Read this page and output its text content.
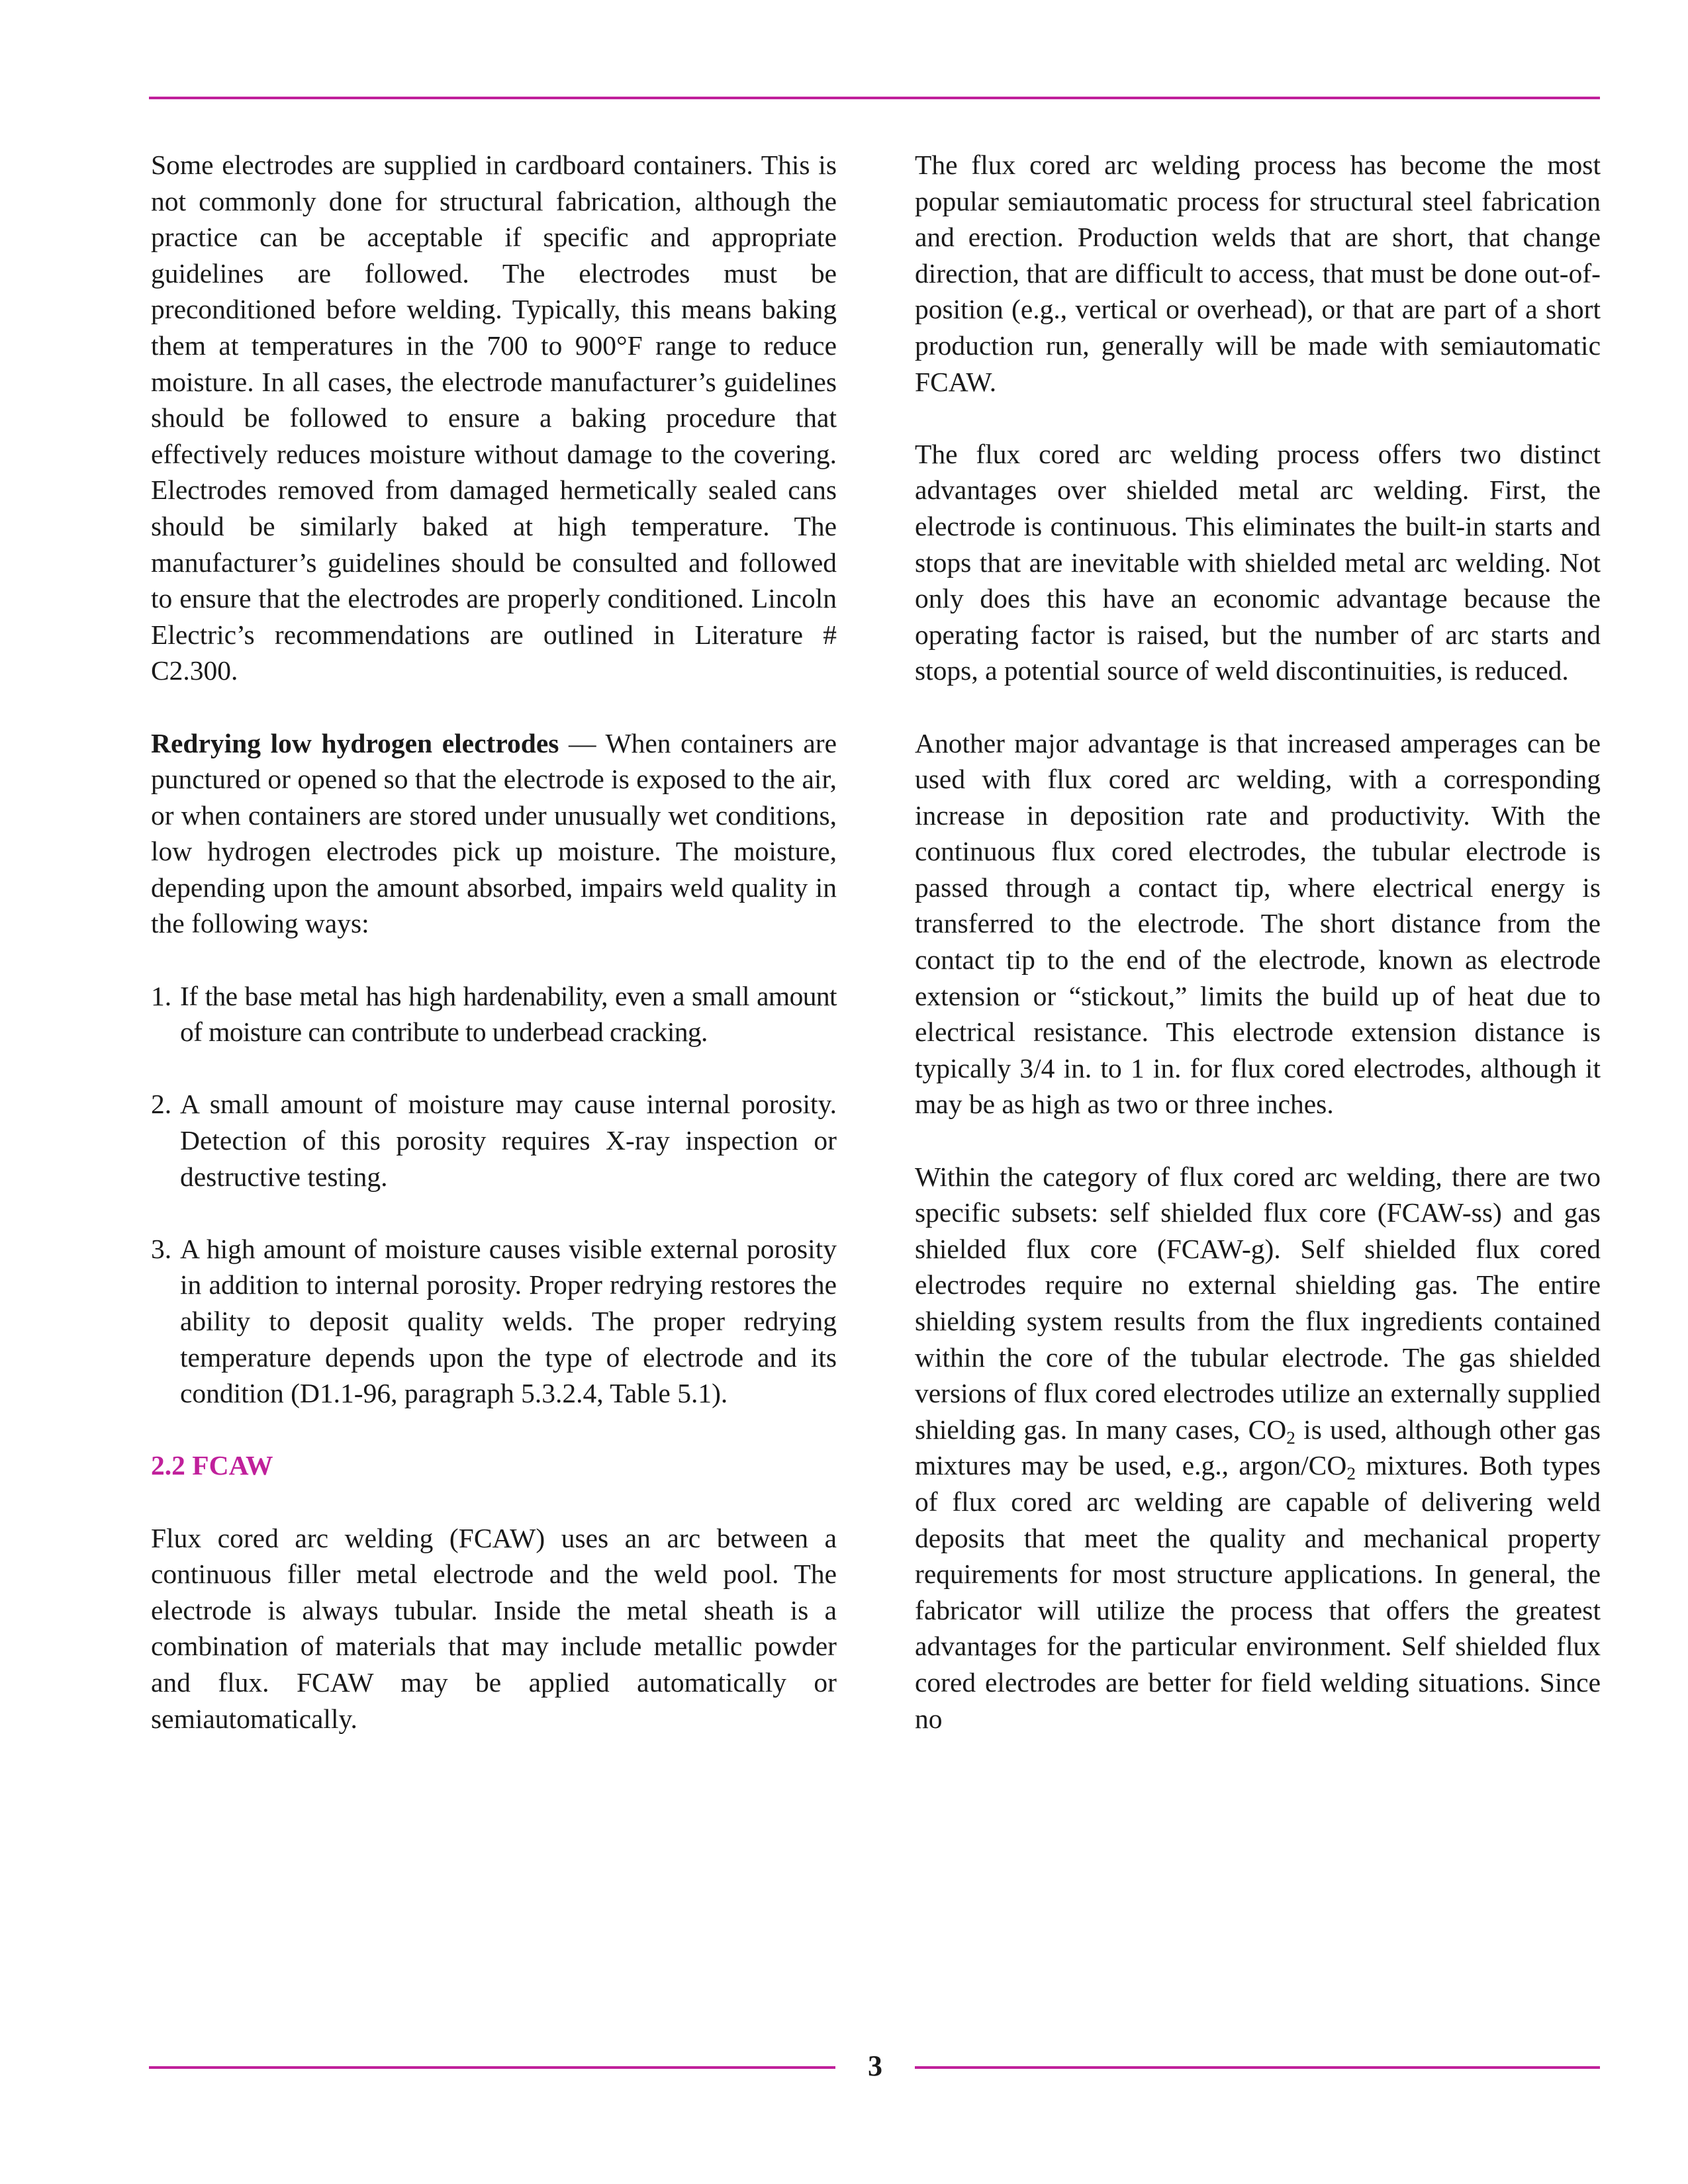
Some electrodes are supplied in cardboard containers. This is not commonly done for structural fabrication, although the practice can be acceptable if specific and appropriate guidelines are followed. The electrodes must be preconditioned before welding. Typically, this means baking them at temperatures in the 700 to 900°F range to reduce moisture. In all cases, the electrode manufacturer’s guidelines should be followed to ensure a baking procedure that effectively reduces moisture without damage to the covering. Electrodes removed from damaged hermetically sealed cans should be similarly baked at high temperature. The manufacturer’s guidelines should be consulted and followed to ensure that the electrodes are properly conditioned. Lincoln Electric’s recommendations are outlined in Literature # C2.300.

Redrying low hydrogen electrodes — When containers are punctured or opened so that the electrode is exposed to the air, or when containers are stored under unusually wet conditions, low hydrogen electrodes pick up moisture. The moisture, depending upon the amount absorbed, impairs weld quality in the following ways:

1. If the base metal has high hardenability, even a small amount of moisture can contribute to underbead cracking.
2. A small amount of moisture may cause internal porosity. Detection of this porosity requires X-ray inspection or destructive testing.
3. A high amount of moisture causes visible external porosity in addition to internal porosity. Proper redrying restores the ability to deposit quality welds. The proper redrying temperature depends upon the type of electrode and its condition (D1.1-96, paragraph 5.3.2.4, Table 5.1).
2.2 FCAW

Flux cored arc welding (FCAW) uses an arc between a continuous filler metal electrode and the weld pool. The electrode is always tubular. Inside the metal sheath is a combination of materials that may include metallic powder and flux. FCAW may be applied automatically or semiautomatically.

The flux cored arc welding process has become the most popular semiautomatic process for structural steel fabrication and erection. Production welds that are short, that change direction, that are difficult to access, that must be done out-of-position (e.g., vertical or overhead), or that are part of a short production run, generally will be made with semiautomatic FCAW.

The flux cored arc welding process offers two distinct advantages over shielded metal arc welding. First, the electrode is continuous. This eliminates the built-in starts and stops that are inevitable with shielded metal arc welding. Not only does this have an economic advantage because the operating factor is raised, but the number of arc starts and stops, a potential source of weld discontinuities, is reduced.

Another major advantage is that increased amperages can be used with flux cored arc welding, with a corresponding increase in deposition rate and productivity. With the continuous flux cored electrodes, the tubular electrode is passed through a contact tip, where electrical energy is transferred to the electrode. The short distance from the contact tip to the end of the electrode, known as electrode extension or “stickout,” limits the build up of heat due to electrical resistance. This electrode extension distance is typically 3/4 in. to 1 in. for flux cored electrodes, although it may be as high as two or three inches.

Within the category of flux cored arc welding, there are two specific subsets: self shielded flux core (FCAW-ss) and gas shielded flux core (FCAW-g). Self shielded flux cored electrodes require no external shielding gas. The entire shielding system results from the flux ingredients contained within the core of the tubular electrode. The gas shielded versions of flux cored electrodes utilize an externally supplied shielding gas. In many cases, $CO_2$ is used, although other gas mixtures may be used, e.g., argon/$CO_2$ mixtures. Both types of flux cored arc welding are capable of delivering weld deposits that meet the quality and mechanical property requirements for most structure applications. In general, the fabricator will utilize the process that offers the greatest advantages for the particular environment. Self shielded flux cored electrodes are better for field welding situations. Since no

3
